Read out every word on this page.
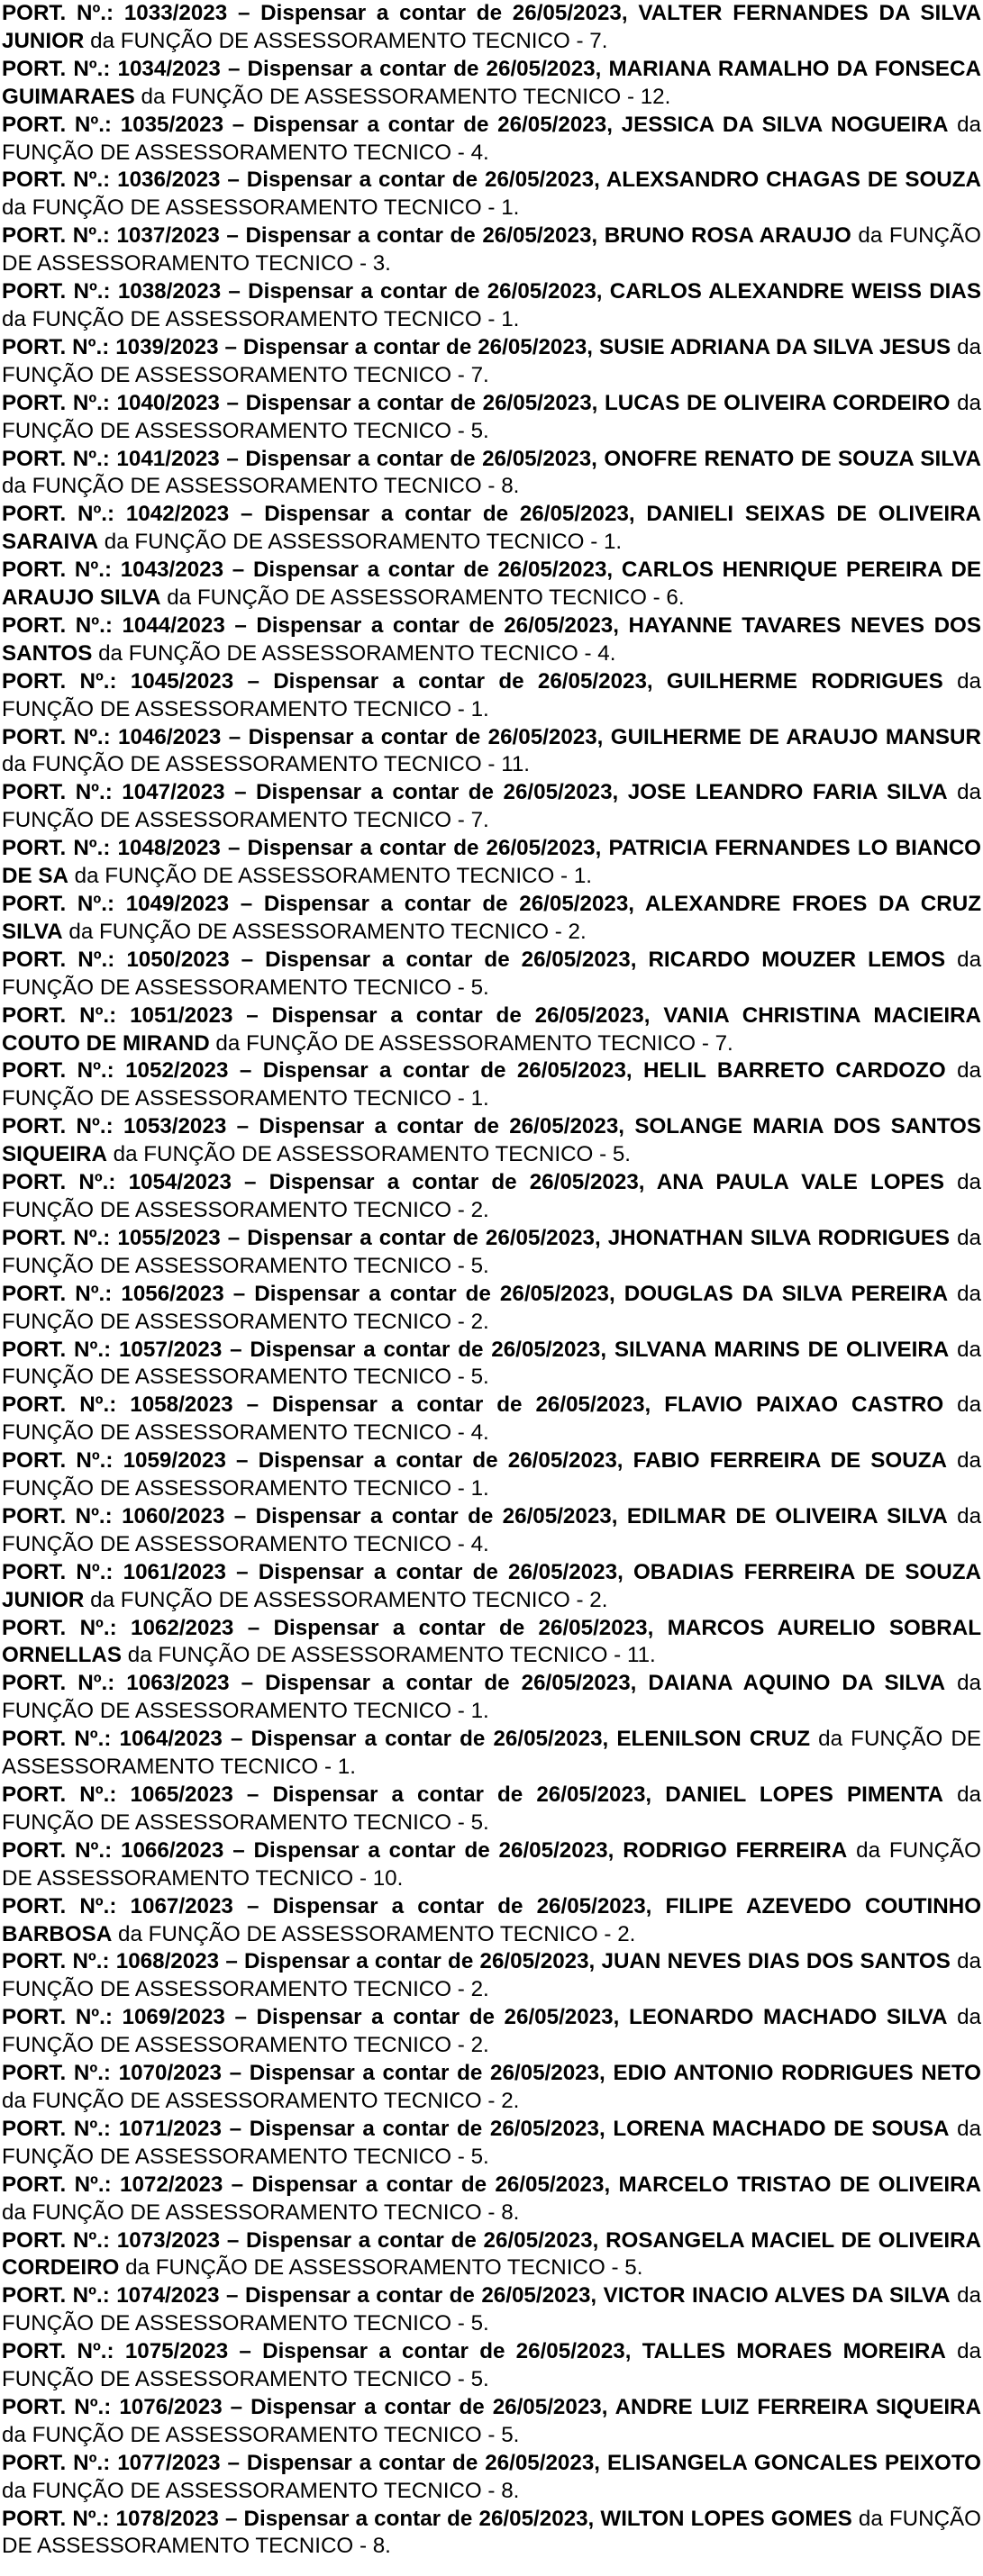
PORT. Nº.: 1033/2023 – Dispensar a contar de 26/05/2023, VALTER FERNANDES DA SILVA JUNIOR da FUNÇÃO DE ASSESSORAMENTO TECNICO - 7.

PORT. Nº.: 1034/2023 – Dispensar a contar de 26/05/2023, MARIANA RAMALHO DA FONSECA GUIMARAES da FUNÇÃO DE ASSESSORAMENTO TECNICO - 12.

PORT. Nº.: 1035/2023 – Dispensar a contar de 26/05/2023, JESSICA DA SILVA NOGUEIRA da FUNÇÃO DE ASSESSORAMENTO TECNICO - 4.

PORT. Nº.: 1036/2023 – Dispensar a contar de 26/05/2023, ALEXSANDRO CHAGAS DE SOUZA da FUNÇÃO DE ASSESSORAMENTO TECNICO - 1.

PORT. Nº.: 1037/2023 – Dispensar a contar de 26/05/2023, BRUNO ROSA ARAUJO da FUNÇÃO DE ASSESSORAMENTO TECNICO - 3.

PORT. Nº.: 1038/2023 – Dispensar a contar de 26/05/2023, CARLOS ALEXANDRE WEISS DIAS da FUNÇÃO DE ASSESSORAMENTO TECNICO - 1.

PORT. Nº.: 1039/2023 – Dispensar a contar de 26/05/2023, SUSIE ADRIANA DA SILVA JESUS da FUNÇÃO DE ASSESSORAMENTO TECNICO - 7.

PORT. Nº.: 1040/2023 – Dispensar a contar de 26/05/2023, LUCAS DE OLIVEIRA CORDEIRO da FUNÇÃO DE ASSESSORAMENTO TECNICO - 5.

PORT. Nº.: 1041/2023 – Dispensar a contar de 26/05/2023, ONOFRE RENATO DE SOUZA SILVA da FUNÇÃO DE ASSESSORAMENTO TECNICO - 8.

PORT. Nº.: 1042/2023 – Dispensar a contar de 26/05/2023, DANIELI SEIXAS DE OLIVEIRA SARAIVA da FUNÇÃO DE ASSESSORAMENTO TECNICO - 1.

PORT. Nº.: 1043/2023 – Dispensar a contar de 26/05/2023, CARLOS HENRIQUE PEREIRA DE ARAUJO SILVA da FUNÇÃO DE ASSESSORAMENTO TECNICO - 6.

PORT. Nº.: 1044/2023 – Dispensar a contar de 26/05/2023, HAYANNE TAVARES NEVES DOS SANTOS da FUNÇÃO DE ASSESSORAMENTO TECNICO - 4.

PORT. Nº.: 1045/2023 – Dispensar a contar de 26/05/2023, GUILHERME RODRIGUES da FUNÇÃO DE ASSESSORAMENTO TECNICO - 1.

PORT. Nº.: 1046/2023 – Dispensar a contar de 26/05/2023, GUILHERME DE ARAUJO MANSUR da FUNÇÃO DE ASSESSORAMENTO TECNICO - 11.

PORT. Nº.: 1047/2023 – Dispensar a contar de 26/05/2023, JOSE LEANDRO FARIA SILVA da FUNÇÃO DE ASSESSORAMENTO TECNICO - 7.

PORT. Nº.: 1048/2023 – Dispensar a contar de 26/05/2023, PATRICIA FERNANDES LO BIANCO DE SA da FUNÇÃO DE ASSESSORAMENTO TECNICO - 1.

PORT. Nº.: 1049/2023 – Dispensar a contar de 26/05/2023, ALEXANDRE FROES DA CRUZ SILVA da FUNÇÃO DE ASSESSORAMENTO TECNICO - 2.

PORT. Nº.: 1050/2023 – Dispensar a contar de 26/05/2023, RICARDO MOUZER LEMOS da FUNÇÃO DE ASSESSORAMENTO TECNICO - 5.

PORT. Nº.: 1051/2023 – Dispensar a contar de 26/05/2023, VANIA CHRISTINA MACIEIRA COUTO DE MIRAND da FUNÇÃO DE ASSESSORAMENTO TECNICO - 7.

PORT. Nº.: 1052/2023 – Dispensar a contar de 26/05/2023, HELIL BARRETO CARDOZO da FUNÇÃO DE ASSESSORAMENTO TECNICO - 1.

PORT. Nº.: 1053/2023 – Dispensar a contar de 26/05/2023, SOLANGE MARIA DOS SANTOS SIQUEIRA da FUNÇÃO DE ASSESSORAMENTO TECNICO - 5.

PORT. Nº.: 1054/2023 – Dispensar a contar de 26/05/2023, ANA PAULA VALE LOPES da FUNÇÃO DE ASSESSORAMENTO TECNICO - 2.

PORT. Nº.: 1055/2023 – Dispensar a contar de 26/05/2023, JHONATHAN SILVA RODRIGUES da FUNÇÃO DE ASSESSORAMENTO TECNICO - 5.

PORT. Nº.: 1056/2023 – Dispensar a contar de 26/05/2023, DOUGLAS DA SILVA PEREIRA da FUNÇÃO DE ASSESSORAMENTO TECNICO - 2.

PORT. Nº.: 1057/2023 – Dispensar a contar de 26/05/2023, SILVANA MARINS DE OLIVEIRA da FUNÇÃO DE ASSESSORAMENTO TECNICO - 5.

PORT. Nº.: 1058/2023 – Dispensar a contar de 26/05/2023, FLAVIO PAIXAO CASTRO da FUNÇÃO DE ASSESSORAMENTO TECNICO - 4.

PORT. Nº.: 1059/2023 – Dispensar a contar de 26/05/2023, FABIO FERREIRA DE SOUZA da FUNÇÃO DE ASSESSORAMENTO TECNICO - 1.

PORT. Nº.: 1060/2023 – Dispensar a contar de 26/05/2023, EDILMAR DE OLIVEIRA SILVA da FUNÇÃO DE ASSESSORAMENTO TECNICO - 4.

PORT. Nº.: 1061/2023 – Dispensar a contar de 26/05/2023, OBADIAS FERREIRA DE SOUZA JUNIOR da FUNÇÃO DE ASSESSORAMENTO TECNICO - 2.

PORT. Nº.: 1062/2023 – Dispensar a contar de 26/05/2023, MARCOS AURELIO SOBRAL ORNELLAS da FUNÇÃO DE ASSESSORAMENTO TECNICO - 11.

PORT. Nº.: 1063/2023 – Dispensar a contar de 26/05/2023, DAIANA AQUINO DA SILVA da FUNÇÃO DE ASSESSORAMENTO TECNICO - 1.

PORT. Nº.: 1064/2023 – Dispensar a contar de 26/05/2023, ELENILSON CRUZ da FUNÇÃO DE ASSESSORAMENTO TECNICO - 1.

PORT. Nº.: 1065/2023 – Dispensar a contar de 26/05/2023, DANIEL LOPES PIMENTA da FUNÇÃO DE ASSESSORAMENTO TECNICO - 5.

PORT. Nº.: 1066/2023 – Dispensar a contar de 26/05/2023, RODRIGO FERREIRA da FUNÇÃO DE ASSESSORAMENTO TECNICO - 10.

PORT. Nº.: 1067/2023 – Dispensar a contar de 26/05/2023, FILIPE AZEVEDO COUTINHO BARBOSA da FUNÇÃO DE ASSESSORAMENTO TECNICO - 2.

PORT. Nº.: 1068/2023 – Dispensar a contar de 26/05/2023, JUAN NEVES DIAS DOS SANTOS da FUNÇÃO DE ASSESSORAMENTO TECNICO - 2.

PORT. Nº.: 1069/2023 – Dispensar a contar de 26/05/2023, LEONARDO MACHADO SILVA da FUNÇÃO DE ASSESSORAMENTO TECNICO - 2.

PORT. Nº.: 1070/2023 – Dispensar a contar de 26/05/2023, EDIO ANTONIO RODRIGUES NETO da FUNÇÃO DE ASSESSORAMENTO TECNICO - 2.

PORT. Nº.: 1071/2023 – Dispensar a contar de 26/05/2023, LORENA MACHADO DE SOUSA da FUNÇÃO DE ASSESSORAMENTO TECNICO - 5.

PORT. Nº.: 1072/2023 – Dispensar a contar de 26/05/2023, MARCELO TRISTAO DE OLIVEIRA da FUNÇÃO DE ASSESSORAMENTO TECNICO - 8.

PORT. Nº.: 1073/2023 – Dispensar a contar de 26/05/2023, ROSANGELA MACIEL DE OLIVEIRA CORDEIRO da FUNÇÃO DE ASSESSORAMENTO TECNICO - 5.

PORT. Nº.: 1074/2023 – Dispensar a contar de 26/05/2023, VICTOR INACIO ALVES DA SILVA da FUNÇÃO DE ASSESSORAMENTO TECNICO - 5.

PORT. Nº.: 1075/2023 – Dispensar a contar de 26/05/2023, TALLES MORAES MOREIRA da FUNÇÃO DE ASSESSORAMENTO TECNICO - 5.

PORT. Nº.: 1076/2023 – Dispensar a contar de 26/05/2023, ANDRE LUIZ FERREIRA SIQUEIRA da FUNÇÃO DE ASSESSORAMENTO TECNICO - 5.

PORT. Nº.: 1077/2023 – Dispensar a contar de 26/05/2023, ELISANGELA GONCALES PEIXOTO da FUNÇÃO DE ASSESSORAMENTO TECNICO - 8.

PORT. Nº.: 1078/2023 – Dispensar a contar de 26/05/2023, WILTON LOPES GOMES da FUNÇÃO DE ASSESSORAMENTO TECNICO - 8.
